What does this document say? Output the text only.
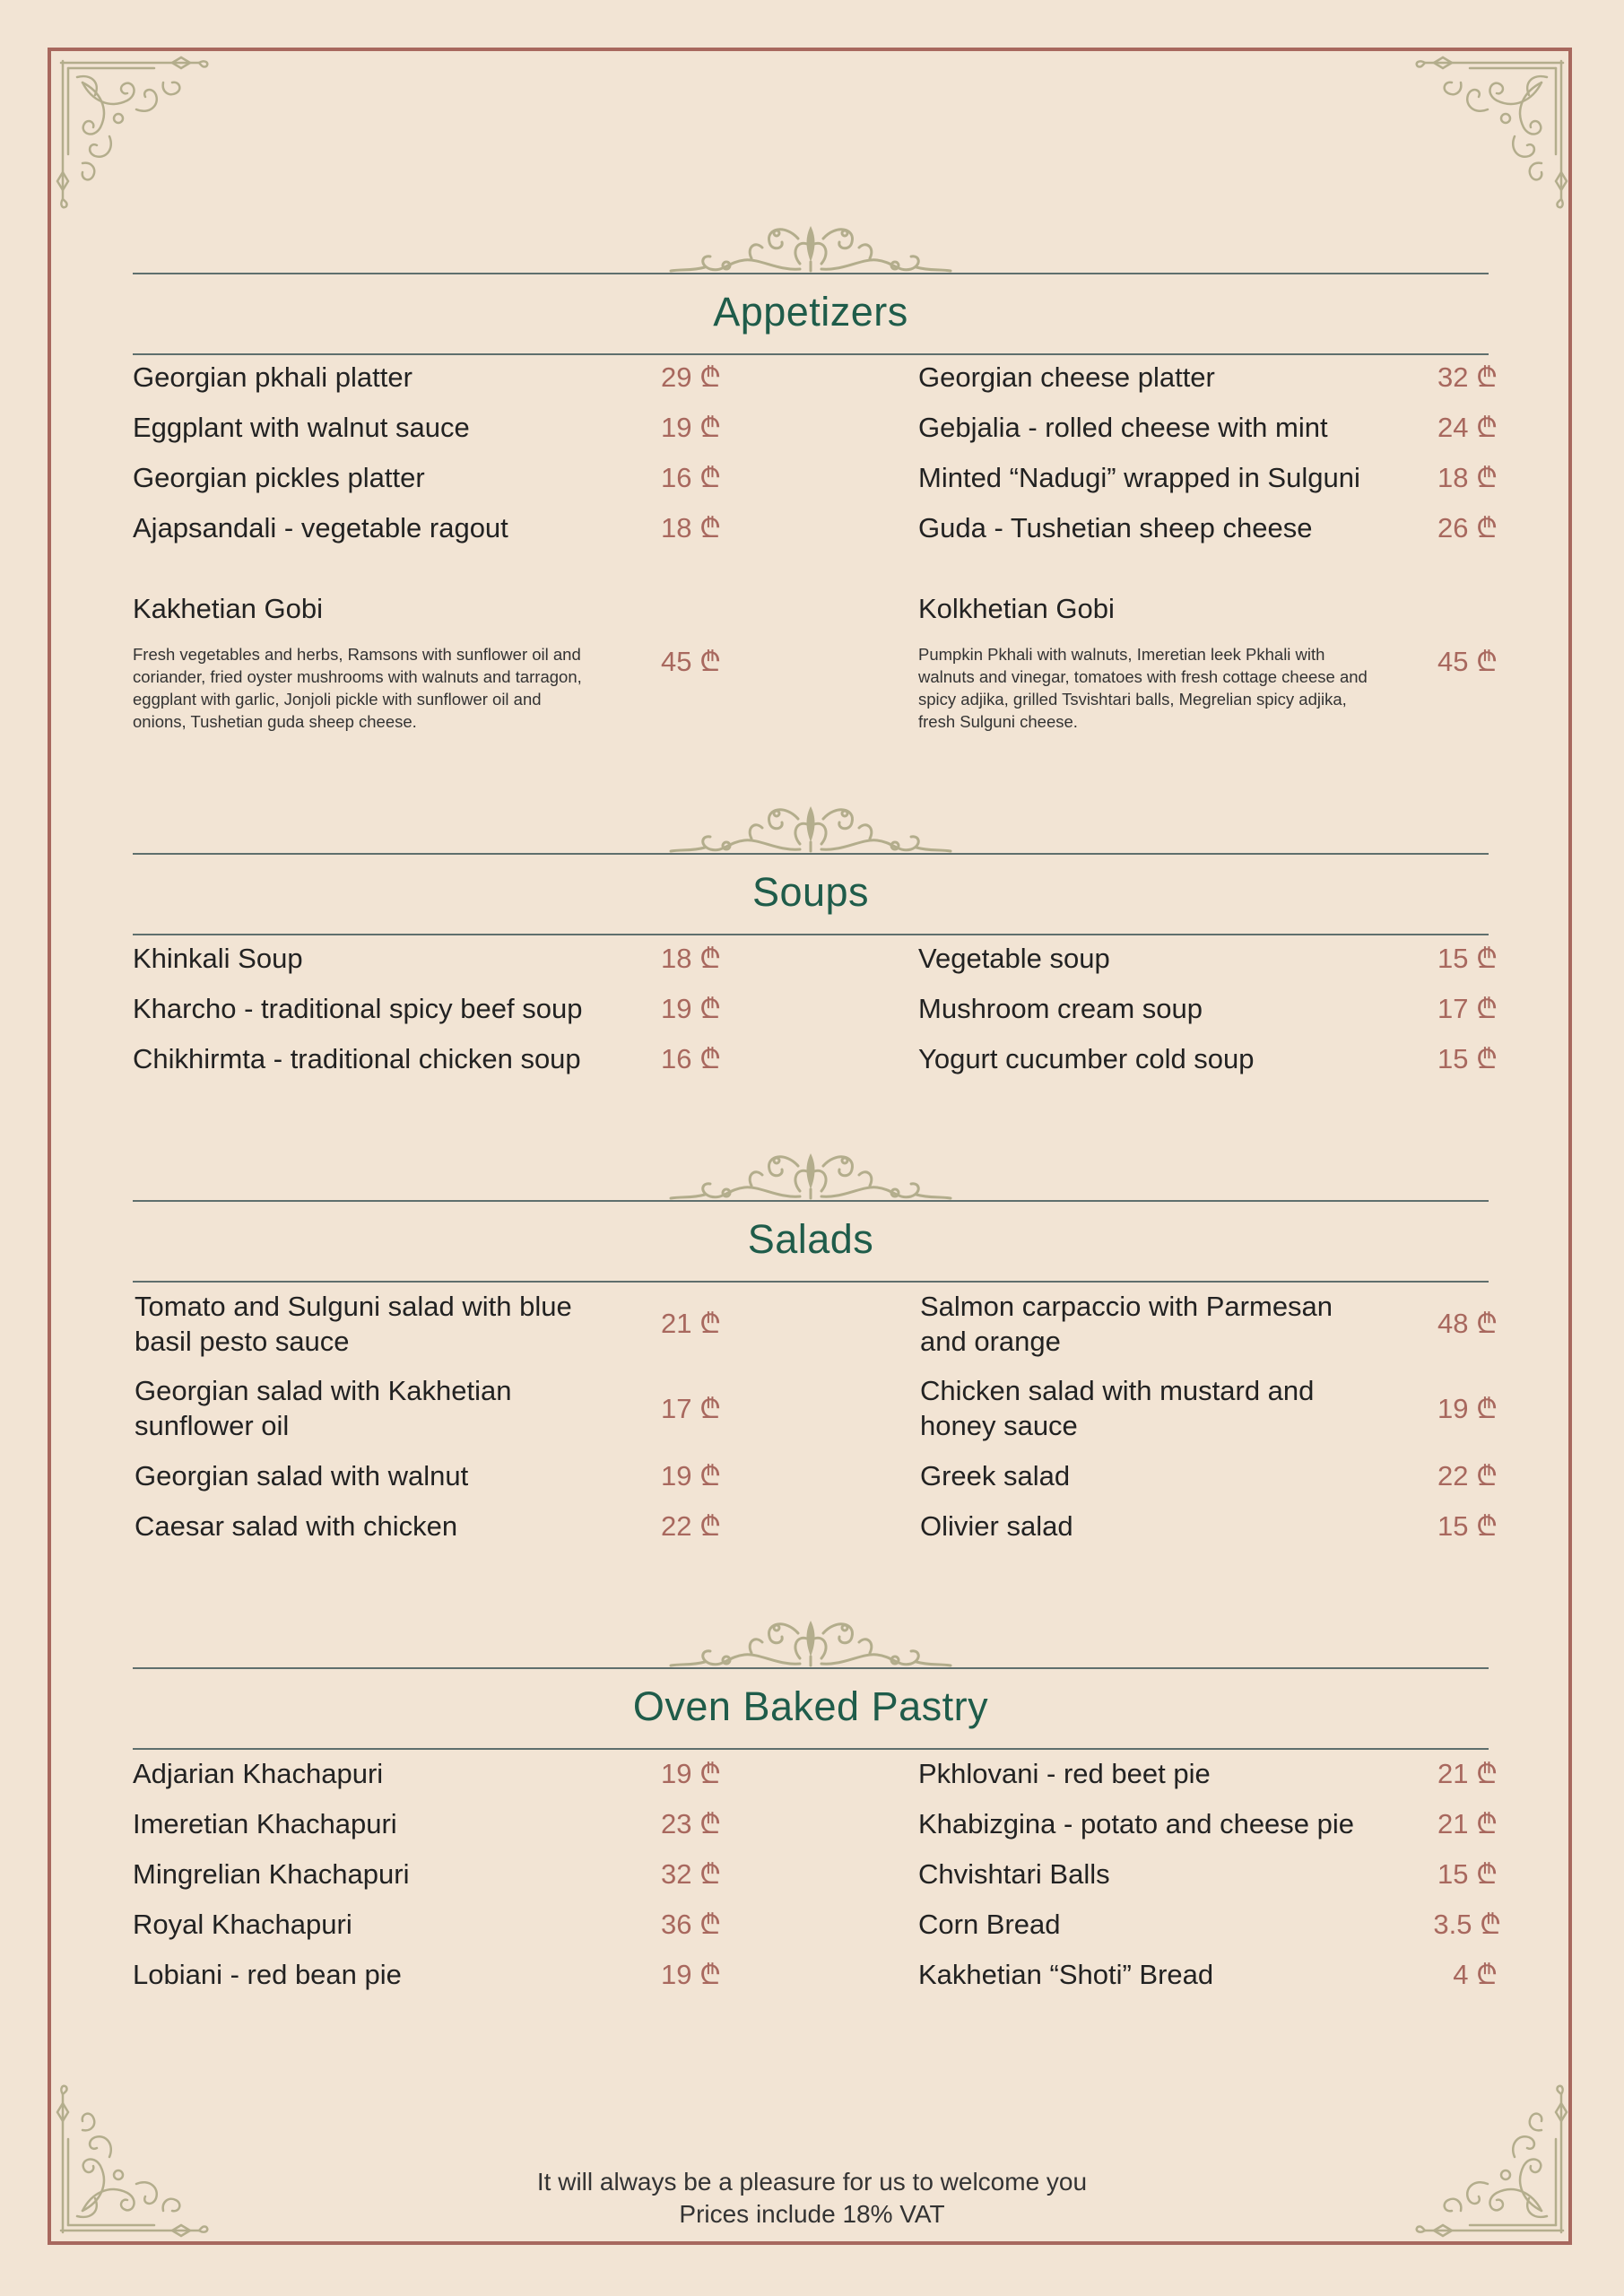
Appetizers
Georgian pkhali platter	29 ₾
Eggplant with walnut sauce	19 ₾
Georgian pickles platter	16 ₾
Ajapsandali - vegetable ragout	18 ₾
Georgian cheese platter	32 ₾
Gebjalia - rolled cheese with mint	24 ₾
Minted “Nadugi” wrapped in Sulguni	18 ₾
Guda - Tushetian sheep cheese	26 ₾
Kakhetian Gobi
Fresh vegetables and herbs, Ramsons with sunflower oil and coriander, fried oyster mushrooms with walnuts and tarragon, eggplant with garlic, Jonjoli pickle with sunflower oil and onions, Tushetian guda sheep cheese.
45 ₾
Kolkhetian Gobi
Pumpkin Pkhali with walnuts, Imeretian leek Pkhali with walnuts and vinegar, tomatoes with fresh cottage cheese and spicy adjika, grilled Tsvishtari balls, Megrelian spicy adjika, fresh Sulguni cheese.
45 ₾
Soups
Khinkali Soup	18 ₾
Kharcho - traditional spicy beef soup	19 ₾
Chikhirmta - traditional chicken soup	16 ₾
Vegetable soup	15 ₾
Mushroom cream soup	17 ₾
Yogurt cucumber cold soup	15 ₾
Salads
Tomato and Sulguni salad with blue basil pesto sauce
21 ₾
Georgian salad with Kakhetian sunflower oil
17 ₾
Georgian salad with walnut	19 ₾
Caesar salad with chicken	22 ₾
Salmon carpaccio with Parmesan and orange
48 ₾
Chicken salad with mustard and honey sauce
19 ₾
Greek salad	22 ₾
Olivier salad	15 ₾
Oven Baked Pastry
Adjarian Khachapuri	19 ₾
Imeretian Khachapuri	23 ₾
Mingrelian Khachapuri	32 ₾
Royal Khachapuri	36 ₾
Lobiani - red bean pie	19 ₾
Pkhlovani - red beet pie	21 ₾
Khabizgina - potato and cheese pie	21 ₾
Chvishtari Balls	15 ₾
Corn Bread	3.5 ₾
Kakhetian “Shoti” Bread	4 ₾
It will always be a pleasure for us to welcome you
Prices include 18% VAT
